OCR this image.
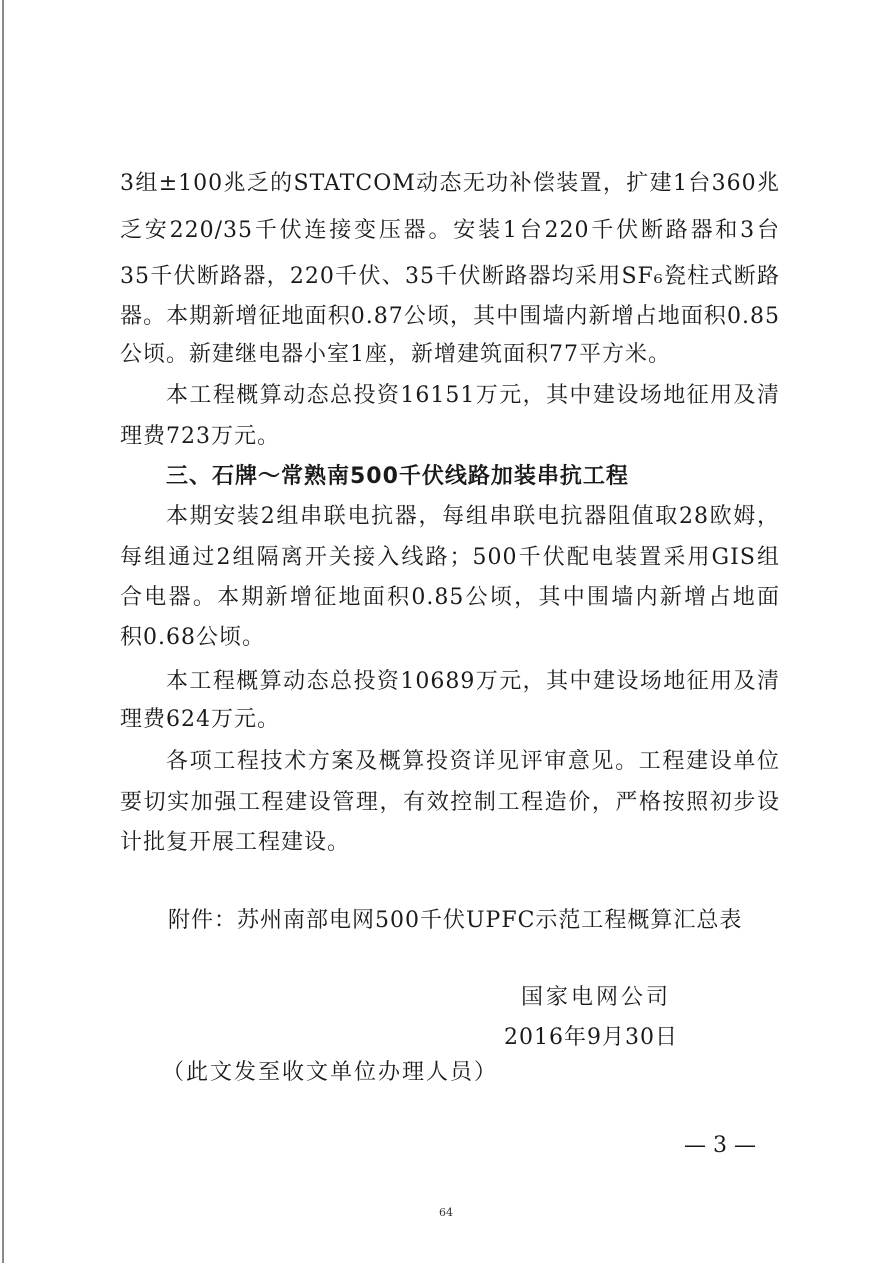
3组±100兆乏的STATCOM动态无功补偿装置，扩建1台360兆
乏安220/35千伏连接变压器。安装1台220千伏断路器和3台
35千伏断路器，220千伏、35千伏断路器均采用SF₆瓷柱式断路
器。本期新增征地面积0.87公顷，其中围墙内新增占地面积0.85
公顷。新建继电器小室1座，新增建筑面积77平方米。
本工程概算动态总投资16151万元，其中建设场地征用及清
理费723万元。
三、石牌～常熟南500千伏线路加装串抗工程
本期安装2组串联电抗器，每组串联电抗器阻值取28欧姆，
每组通过2组隔离开关接入线路；500千伏配电装置采用GIS组
合电器。本期新增征地面积0.85公顷，其中围墙内新增占地面
积0.68公顷。
本工程概算动态总投资10689万元，其中建设场地征用及清
理费624万元。
各项工程技术方案及概算投资详见评审意见。工程建设单位
要切实加强工程建设管理，有效控制工程造价，严格按照初步设
计批复开展工程建设。
附件：苏州南部电网500千伏UPFC示范工程概算汇总表
国家电网公司
2016年9月30日
（此文发至收文单位办理人员）
— 3 —
64
